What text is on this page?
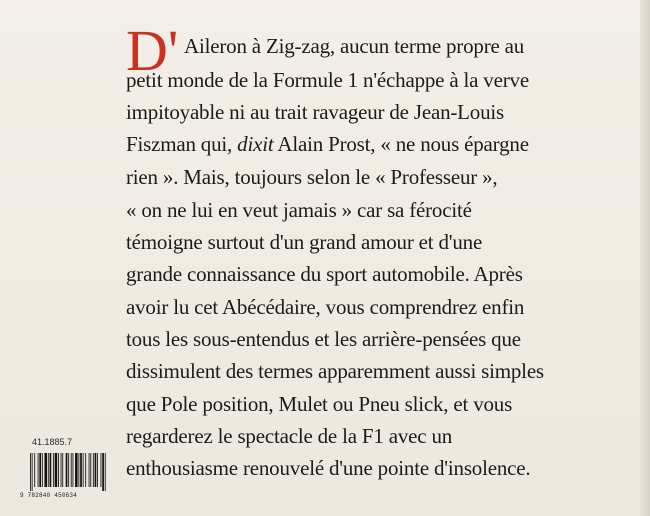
D' Aileron à Zig-zag, aucun terme propre au
petit monde de la Formule 1 n'échappe à la verve
impitoyable ni au trait ravageur de Jean-Louis
Fiszman qui, dixit Alain Prost, « ne nous épargne
rien ». Mais, toujours selon le « Professeur »,
« on ne lui en veut jamais » car sa férocité
témoigne surtout d'un grand amour et d'une
grande connaissance du sport automobile. Après
avoir lu cet Abécédaire, vous comprendrez enfin
tous les sous-entendus et les arrière-pensées que
dissimulent des termes apparemment aussi simples
que Pole position, Mulet ou Pneu slick, et vous
regarderez le spectacle de la F1 avec un
enthousiasme renouvelé d'une pointe d'insolence.
41.1885.7
9 782840 450634
